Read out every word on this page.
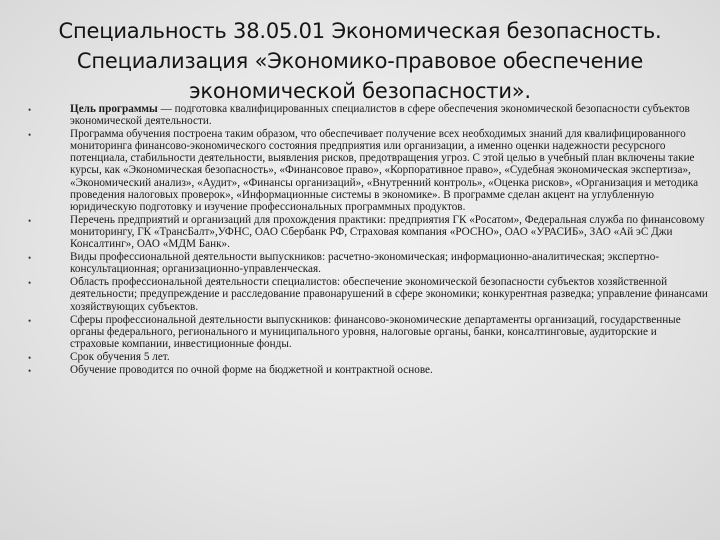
Специальность 38.05.01 Экономическая безопасность.
Специализация «Экономико-правовое обеспечение
экономической безопасности».
•	Цель программы — подготовка квалифицированных специалистов в сфере обеспечения экономической безопасности субъектов экономической деятельности.
•	Программа обучения построена таким образом, что обеспечивает получение всех необходимых знаний для квалифицированного мониторинга финансово-экономического состояния предприятия или организации, а именно оценки надежности ресурсного потенциала, стабильности деятельности, выявления рисков, предотвращения угроз. С этой целью в учебный план включены такие курсы, как «Экономическая безопасность», «Финансовое право», «Корпоративное право», «Судебная экономическая экспертиза», «Экономический анализ», «Аудит», «Финансы организаций», «Внутренний контроль», «Оценка рисков», «Организация и методика проведения налоговых проверок», «Информационные системы в экономике». В программе сделан акцент на углубленную юридическую подготовку и изучение профессиональных программных продуктов.
•	Перечень предприятий и организаций для прохождения практики: предприятия ГК «Росатом», Федеральная служба по финансовому мониторингу, ГК «ТрансБалт»,УФНС, ОАО Сбербанк РФ, Страховая компания «РОСНО», ОАО «УРАСИБ», ЗАО «Ай эС Джи Консалтинг», ОАО «МДМ Банк».
•	Виды профессиональной деятельности выпускников: расчетно-экономическая; информационно-аналитическая; экспертно-консультационная; организационно-управленческая.
•	Область профессиональной деятельности специалистов: обеспечение экономической безопасности субъектов хозяйственной деятельности; предупреждение и расследование правонарушений в сфере экономики; конкурентная разведка; управление финансами хозяйствующих субъектов.
•	Сферы профессиональной деятельности выпускников: финансово-экономические департаменты организаций, государственные органы федерального, регионального и муниципального уровня, налоговые органы, банки, консалтинговые, аудиторские и страховые компании, инвестиционные фонды.
•	Срок обучения 5 лет.
•	Обучение проводится по очной форме на бюджетной и контрактной основе.
